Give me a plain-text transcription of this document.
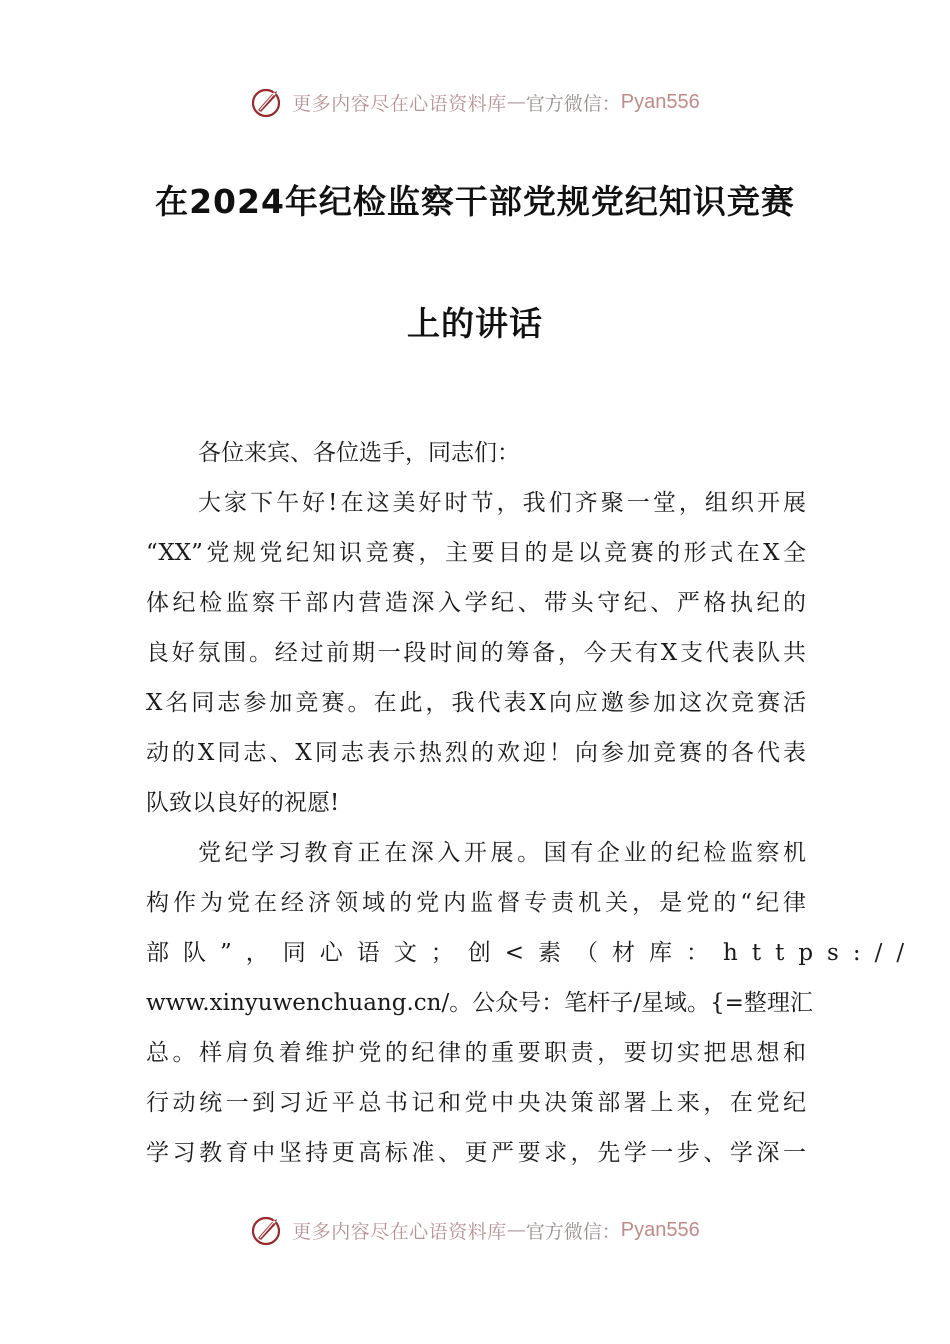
更多内容尽在心语资料库 — 官方微信： Pyan556
在2024年纪检监察干部党规党纪知识竞赛
上的讲话
各位来宾、各位选手，同志们：
大家下午好!在这美好时节，我们齐聚一堂，组织开展
“XX”党规党纪知识竞赛，主要目的是以竞赛的形式在X全
体纪检监察干部内营造深入学纪、带头守纪、严格执纪的
良好氛围。经过前期一段时间的筹备，今天有X支代表队共
X名同志参加竞赛。在此，我代表X向应邀参加这次竞赛活
动的X同志、X同志表示热烈的欢迎！向参加竞赛的各代表
队致以良好的祝愿!
党纪学习教育正在深入开展。国有企业的纪检监察机
构作为党在经济领域的党内监督专责机关，是党的“纪律
部队”，同心语文；创<素（材库：https://
www.xinyuwenchuang.cn/。公众号：笔杆子/星域。{=整理汇
总。样肩负着维护党的纪律的重要职责，要切实把思想和
行动统一到习近平总书记和党中央决策部署上来，在党纪
学习教育中坚持更高标准、更严要求，先学一步、学深一
更多内容尽在心语资料库 — 官方微信： Pyan556
